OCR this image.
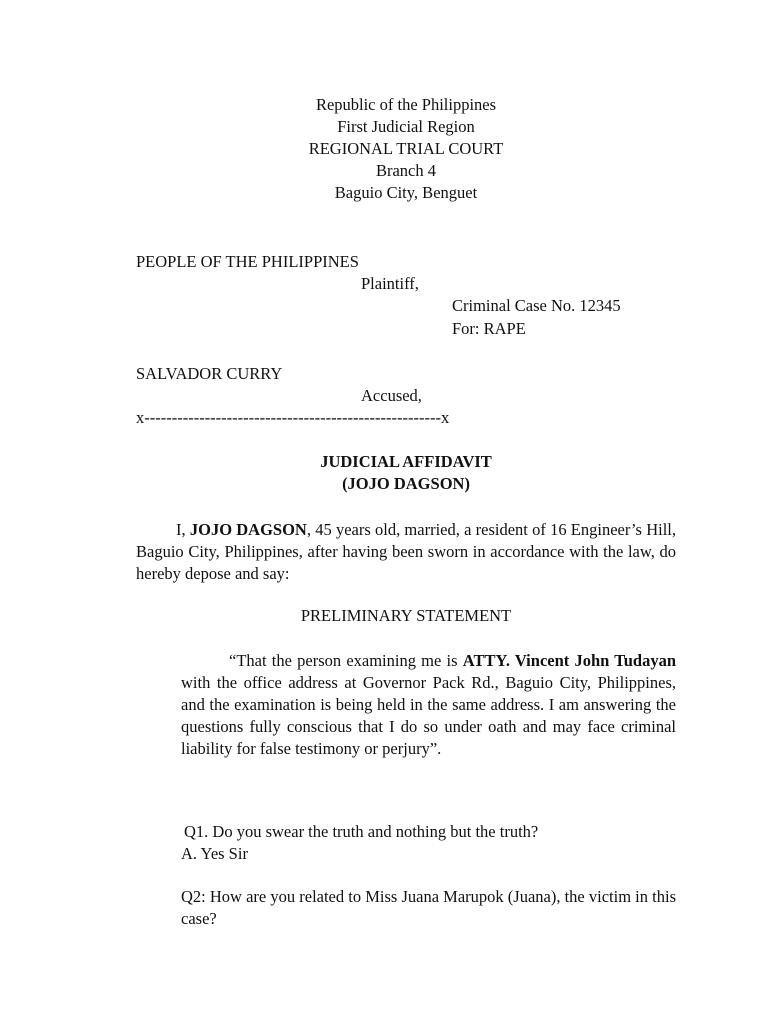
Republic of the Philippines
First Judicial Region
REGIONAL TRIAL COURT
Branch 4
Baguio City, Benguet
PEOPLE OF THE PHILIPPINES
Plaintiff,
Criminal Case No. 12345
For: RAPE
SALVADOR CURRY
Accused,
x------------------------------------------------------x
JUDICIAL AFFIDAVIT
(JOJO DAGSON)
I, JOJO DAGSON, 45 years old, married, a resident of 16 Engineer’s Hill, Baguio City, Philippines, after having been sworn in accordance with the law, do hereby depose and say:
PRELIMINARY STATEMENT
“That the person examining me is ATTY. Vincent John Tudayan with the office address at Governor Pack Rd., Baguio City, Philippines, and the examination is being held in the same address. I am answering the questions fully conscious that I do so under oath and may face criminal liability for false testimony or perjury”.
Q1. Do you swear the truth and nothing but the truth?
A. Yes Sir
Q2: How are you related to Miss Juana Marupok (Juana), the victim in this case?
